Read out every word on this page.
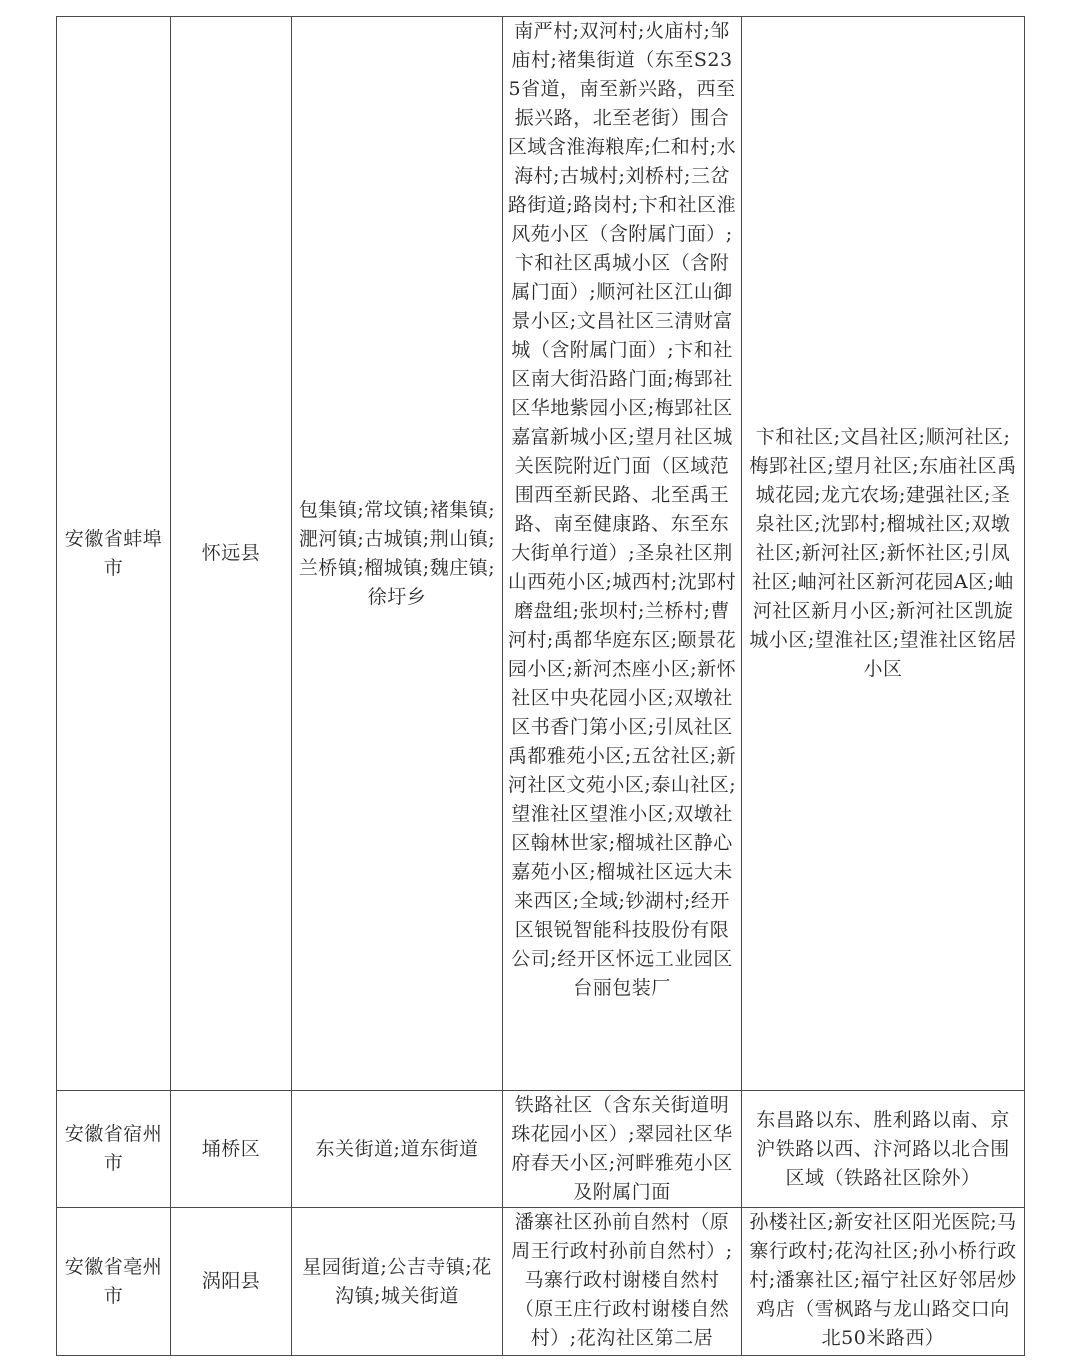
安徽省蚌埠市	怀远县	包集镇;常坟镇;褚集镇;淝河镇;古城镇;荆山镇;兰桥镇;榴城镇;魏庄镇;徐圩乡	南严村;双河村;火庙村;邹庙村;褚集街道（东至S235省道，南至新兴路，西至振兴路，北至老街）围合区域含淮海粮库;仁和村;水海村;古城村;刘桥村;三岔路街道;路岗村;卞和社区淮风苑小区（含附属门面）;卞和社区禹城小区（含附属门面）;顺河社区江山御景小区;文昌社区三清财富城（含附属门面）;卞和社区南大街沿路门面;梅郢社区华地紫园小区;梅郢社区嘉富新城小区;望月社区城关医院附近门面（区域范围西至新民路、北至禹王路、南至健康路、东至东大街单行道）;圣泉社区荆山西苑小区;城西村;沈郢村磨盘组;张坝村;兰桥村;曹河村;禹都华庭东区;颐景花园小区;新河杰座小区;新怀社区中央花园小区;双墩社区书香门第小区;引凤社区禹都雅苑小区;五岔社区;新河社区文苑小区;泰山社区;望淮社区望淮小区;双墩社区翰林世家;榴城社区静心嘉苑小区;榴城社区远大未来西区;全域;钞湖村;经开区银锐智能科技股份有限公司;经开区怀远工业园区台丽包装厂	卞和社区;文昌社区;顺河社区;梅郢社区;望月社区;东庙社区禹城花园;龙亢农场;建强社区;圣泉社区;沈郢村;榴城社区;双墩社区;新河社区;新怀社区;引凤社区;岫河社区新河花园A区;岫河社区新月小区;新河社区凯旋城小区;望淮社区;望淮社区铭居小区
安徽省宿州市	埇桥区	东关街道;道东街道	铁路社区（含东关街道明珠花园小区）;翠园社区华府春天小区;河畔雅苑小区及附属门面	东昌路以东、胜利路以南、京沪铁路以西、汴河路以北合围区域（铁路社区除外）
安徽省亳州市	涡阳县	星园街道;公吉寺镇;花沟镇;城关街道	潘寨社区孙前自然村（原周王行政村孙前自然村）;马寨行政村谢楼自然村（原王庄行政村谢楼自然村）;花沟社区第二居	孙楼社区;新安社区阳光医院;马寨行政村;花沟社区;孙小桥行政村;潘寨社区;福宁社区好邻居炒鸡店（雪枫路与龙山路交口向北50米路西）
